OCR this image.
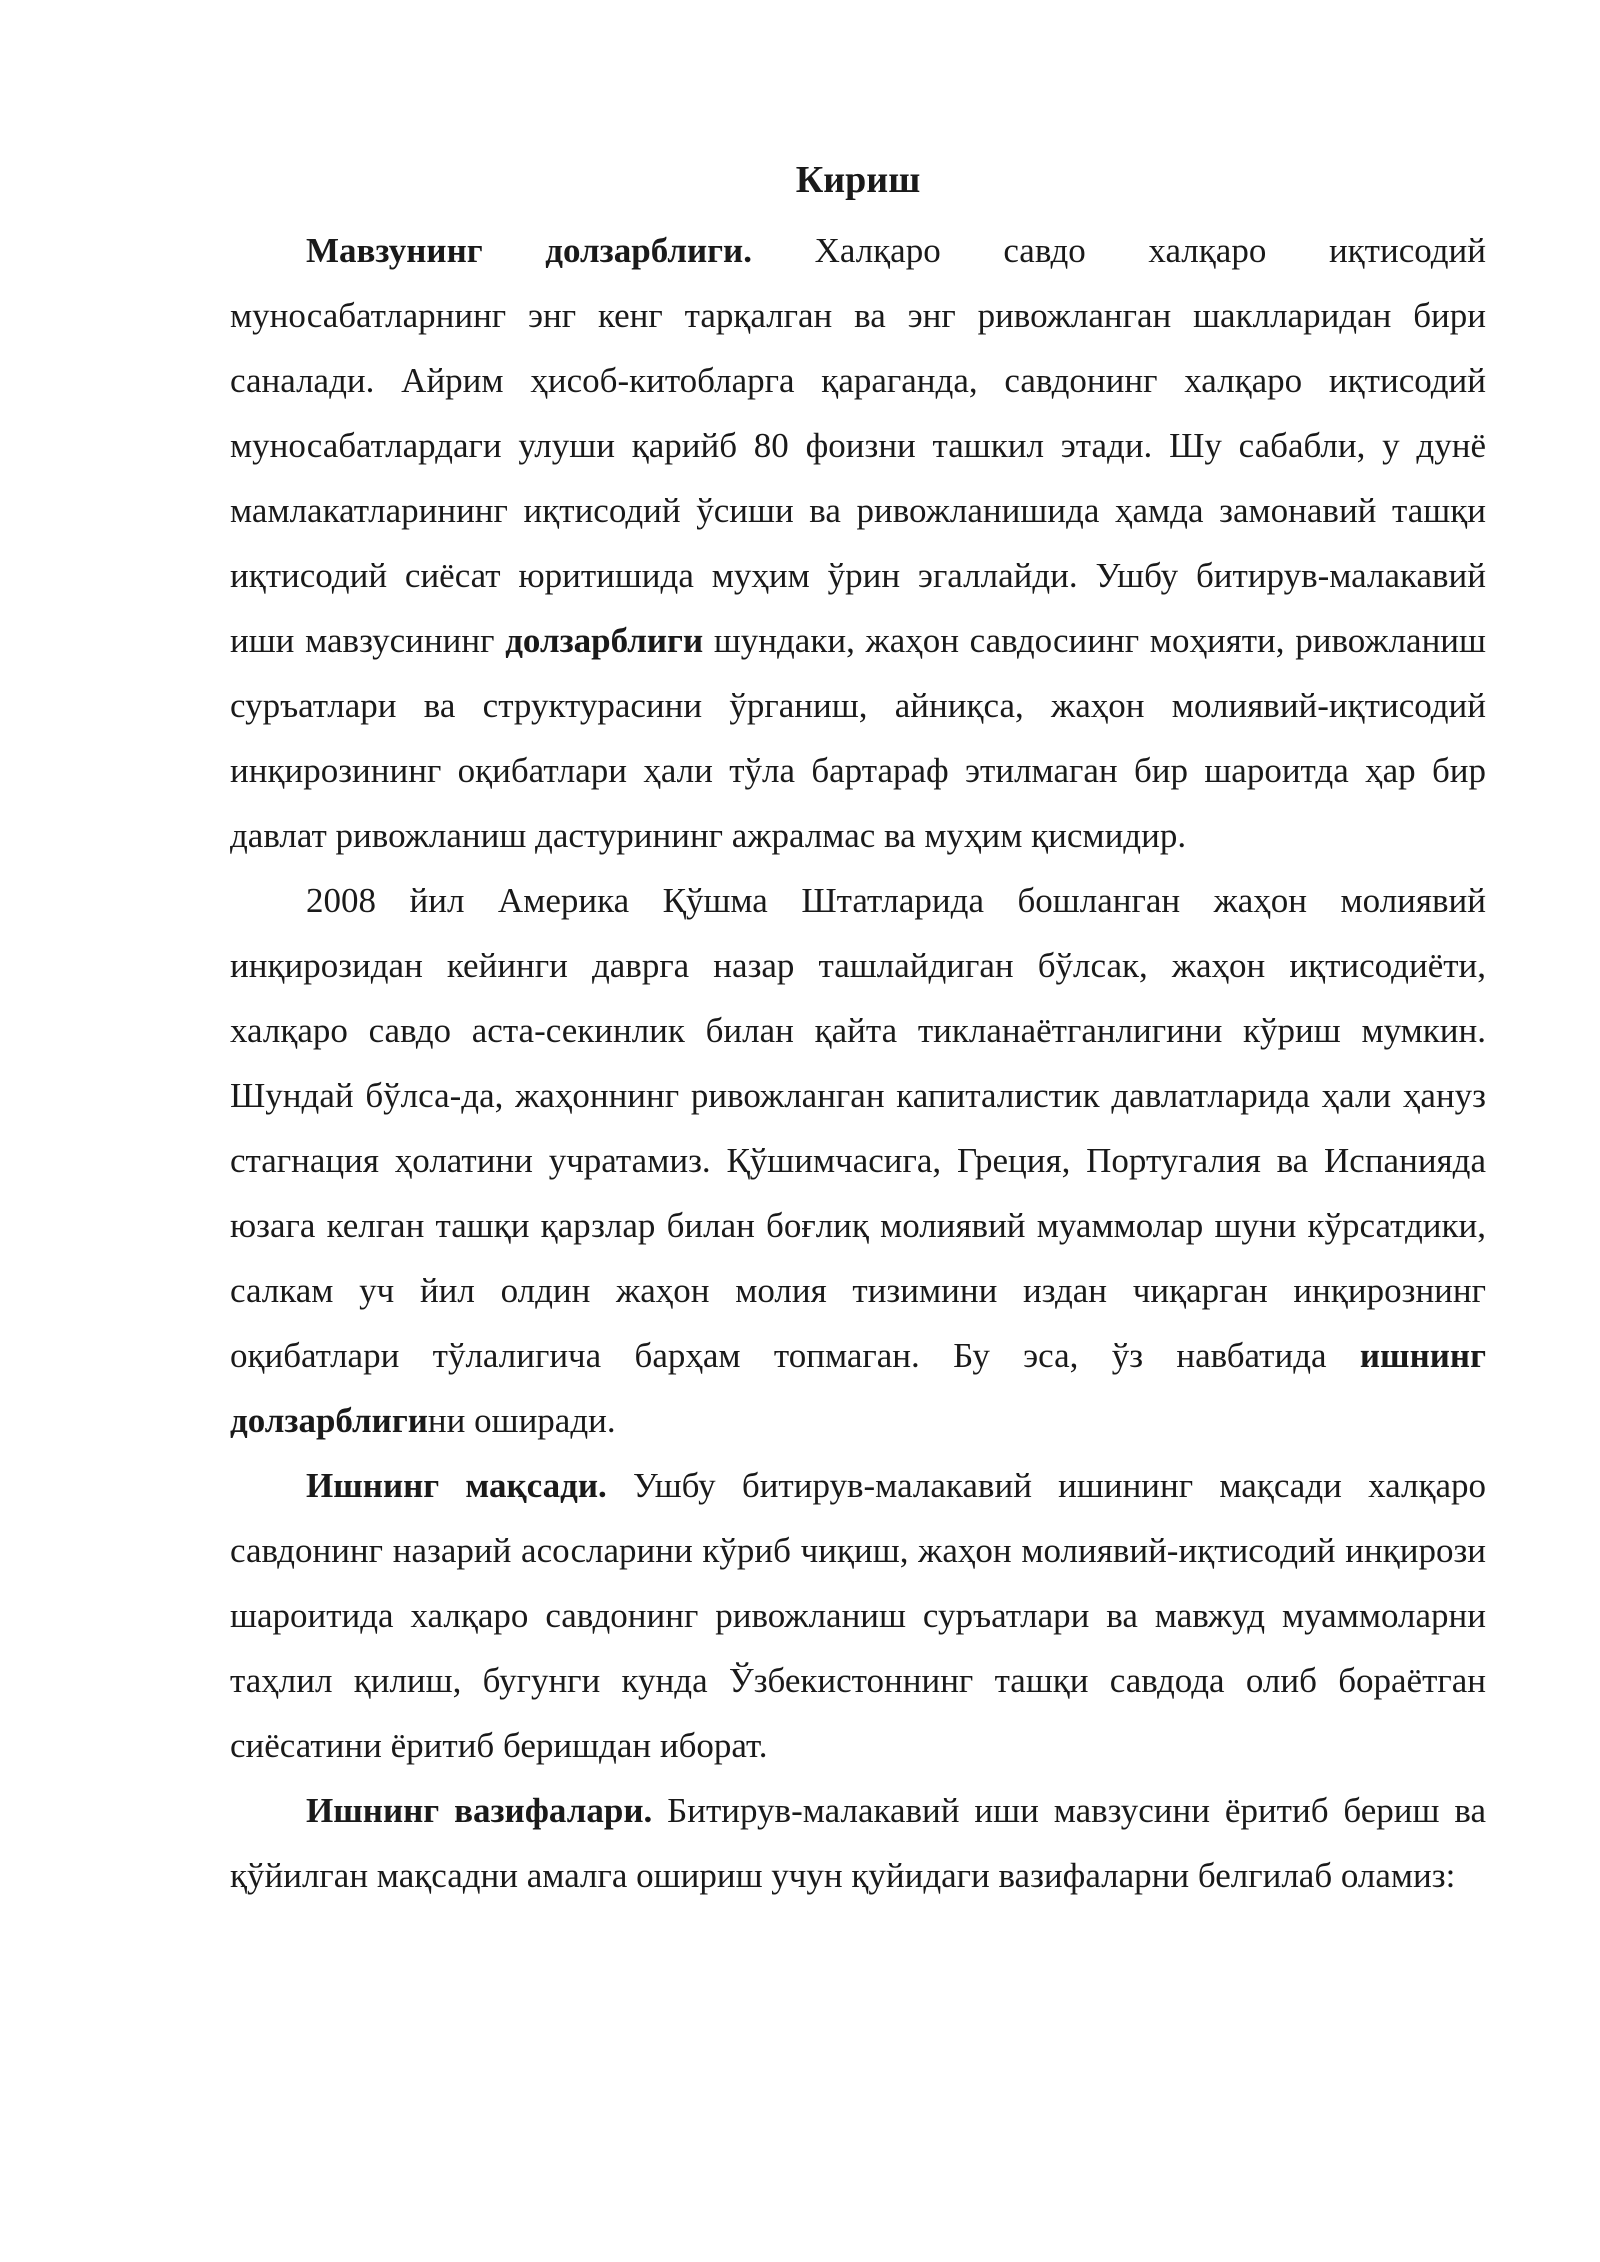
Кириш

Мавзунинг долзарблиги. Халқаро савдо халқаро иқтисодий муносабатларнинг энг кенг тарқалган ва энг ривожланган шаклларидан бири саналади. Айрим ҳисоб-китобларга қараганда, савдонинг халқаро иқтисодий муносабатлардаги улуши қарийб 80 фоизни ташкил этади. Шу сабабли, у дунё мамлакатларининг иқтисодий ўсиши ва ривожланишида ҳамда замонавий ташқи иқтисодий сиёсат юритишида муҳим ўрин эгаллайди. Ушбу битирув-малакавий иши мавзусининг долзарблиги шундаки, жаҳон савдосиинг моҳияти, ривожланиш суръатлари ва структурасини ўрганиш, айниқса, жаҳон молиявий-иқтисодий инқирозининг оқибатлари ҳали тўла бартараф этилмаган бир шароитда ҳар бир давлат ривожланиш дастурининг ажралмас ва муҳим қисмидир.

2008 йил Америка Қўшма Штатларида бошланган жаҳон молиявий инқирозидан кейинги даврга назар ташлайдиган бўлсак, жаҳон иқтисодиёти, халқаро савдо аста-секинлик билан қайта тикланаётганлигини кўриш мумкин. Шундай бўлса-да, жаҳоннинг ривожланган капиталистик давлатларида ҳали ҳануз стагнация ҳолатини учратамиз. Қўшимчасига, Греция, Португалия ва Испанияда юзага келган ташқи қарзлар билан боғлиқ молиявий муаммолар шуни кўрсатдики, салкам уч йил олдин жаҳон молия тизимини издан чиқарган инқирознинг оқибатлари тўлалигича барҳам топмаган. Бу эса, ўз навбатида ишнинг долзарблигини оширади.

Ишнинг мақсади. Ушбу битирув-малакавий ишининг мақсади халқаро савдонинг назарий асосларини кўриб чиқиш, жаҳон молиявий-иқтисодий инқирози шароитида халқаро савдонинг ривожланиш суръатлари ва мавжуд муаммоларни таҳлил қилиш, бугунги кунда Ўзбекистоннинг ташқи савдода олиб бораётган сиёсатини ёритиб беришдан иборат.

Ишнинг вазифалари. Битирув-малакавий иши мавзусини ёритиб бериш ва қўйилган мақсадни амалга ошириш учун қуйидаги вазифаларни белгилаб оламиз:
